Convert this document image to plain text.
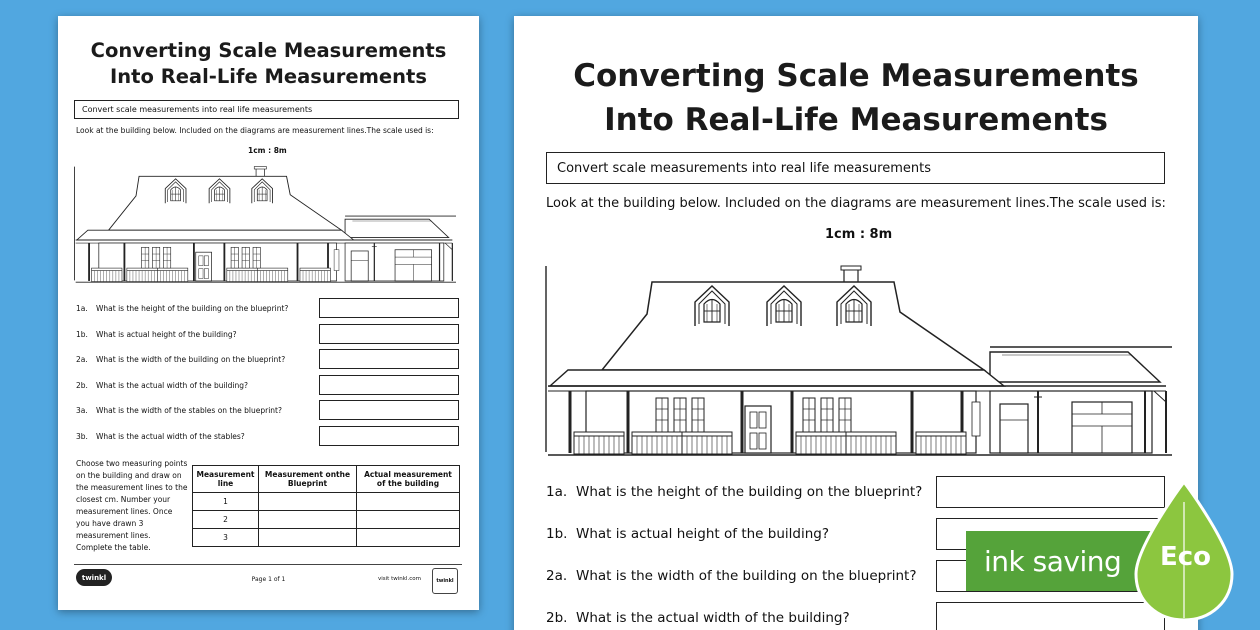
Converting Scale Measurements
Into Real-Life Measurements
Convert scale measurements into real life measurements
Look at the building below. Included on the diagrams are measurement lines.The scale used is:
1cm : 8m
1a.	What is the height of the building on the blueprint?
1b.	What is actual height of the building?
2a.	What is the width of the building on the blueprint?
2b.	What is the actual width of the building?
3a.	What is the width of the stables on the blueprint?
3b.	What is the actual width of the stables?
Choose two measuring points on the building and draw on the measurement lines to the closest cm. Number your measurement lines. Once you have drawn 3 measurement lines. Complete the table.
Measurement line	Measurement onthe Blueprint	Actual measurement of the building
1		
2		
3		
twinkl	Page 1 of 1	visit twinkl.com	twinkl
Converting Scale Measurements
Into Real-Life Measurements
Convert scale measurements into real life measurements
Look at the building below. Included on the diagrams are measurement lines.The scale used is:
1cm : 8m
1a. What is the height of the building on the blueprint?
1b. What is actual height of the building?
2a. What is the width of the building on the blueprint?
2b. What is the actual width of the building?
ink saving Eco
